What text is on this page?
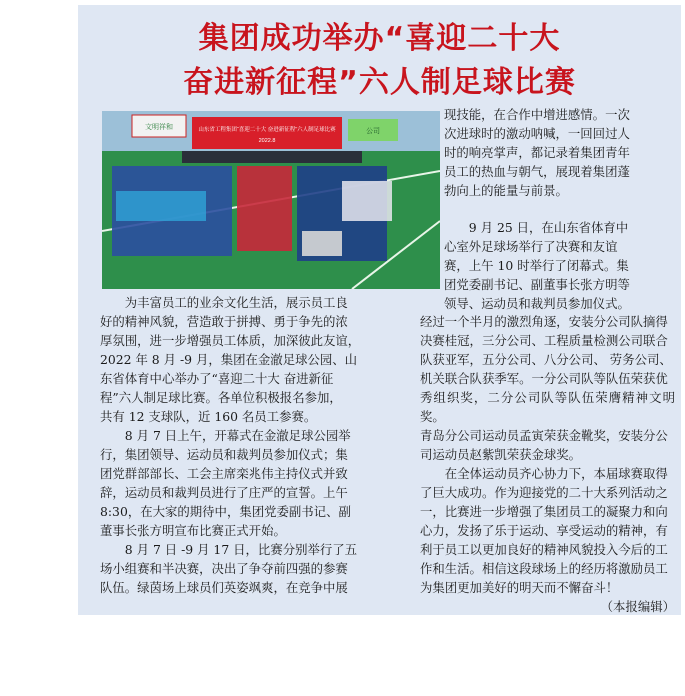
集团成功举办“喜迎二十大
奋进新征程”六人制足球比赛
文明祥和	山东省工程集团“喜迎二十大 奋进新征程”六人制足球比赛
2022.8
公司

现技能，在合作中增进感情。一次

次进球时的激动呐喊，一回回过人

时的响亮掌声，都记录着集团青年

员工的热血与朝气，展现着集团蓬

勃向上的能量与前景。

9 月 25 日，在山东省体育中

心室外足球场举行了决赛和友谊

赛，上午 10 时举行了闭幕式。集

团党委副书记、副董事长张方明等

领导、运动员和裁判员参加仪式。

为丰富员工的业余文化生活，展示员工良

好的精神风貌，营造敢于拼搏、勇于争先的浓

厚氛围，进一步增强员工体质，加深彼此友谊，

2022 年 8 月 -9 月，集团在金澈足球公园、山

东省体育中心举办了“喜迎二十大 奋进新征

程”六人制足球比赛。各单位积极报名参加，

共有 12 支球队，近 160 名员工参赛。

8 月 7 日上午，开幕式在金澈足球公园举

行，集团领导、运动员和裁判员参加仪式；集

团党群部部长、工会主席栾兆伟主持仪式并致

辞，运动员和裁判员进行了庄严的宣誓。上午

8:30，在大家的期待中，集团党委副书记、副

董事长张方明宣布比赛正式开始。

8 月 7 日 -9 月 17 日，比赛分别举行了五

场小组赛和半决赛，决出了争夺前四强的参赛

队伍。绿茵场上球员们英姿飒爽，在竞争中展

经过一个半月的激烈角逐，安装分公司队摘得

决赛桂冠，三分公司、工程质量检测公司联合

队获亚军，五分公司、八分公司、 劳务公司、

机关联合队获季军。一分公司队等队伍荣获优

秀组织奖，二分公司队等队伍荣膺精神文明奖。

青岛分公司运动员孟寅荣获金靴奖，安装分公

司运动员赵紫凯荣获金球奖。

在全体运动员齐心协力下，本届球赛取得

了巨大成功。作为迎接党的二十大系列活动之

一，比赛进一步增强了集团员工的凝聚力和向

心力，发扬了乐于运动、享受运动的精神，有

利于员工以更加良好的精神风貌投入今后的工

作和生活。相信这段球场上的经历将激励员工

为集团更加美好的明天而不懈奋斗！

（本报编辑）
